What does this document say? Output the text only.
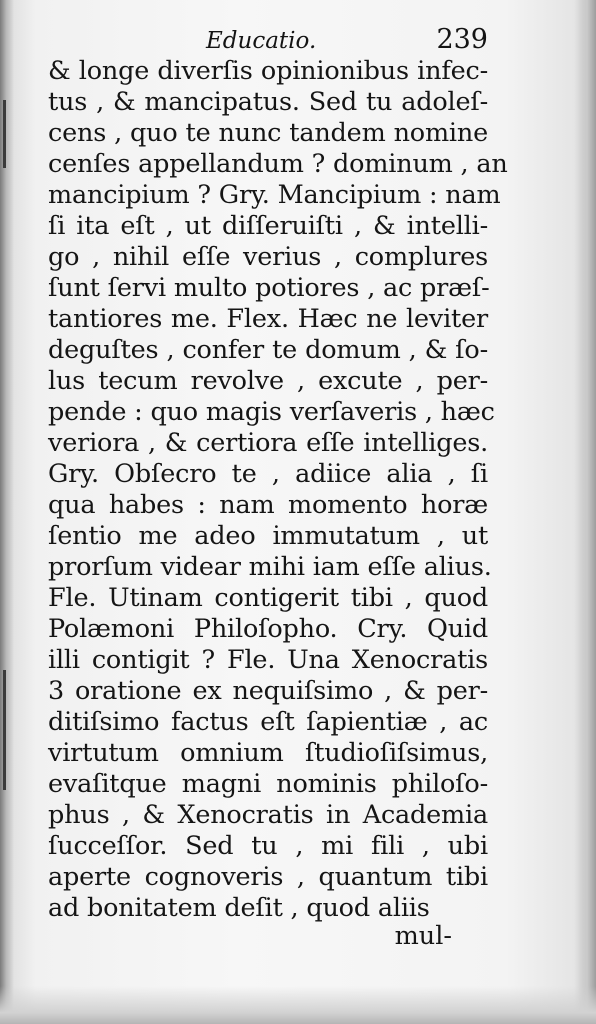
Educatio.	239
& longe diverſis opinionibus infec-
tus , & mancipatus. Sed tu adoleſ-
cens , quo te nunc tandem nomine
cenſes appellandum ? dominum , an
mancipium ? Gry. Mancipium : nam
ſi ita eſt , ut diſſeruiſti , & intelli-
go , nihil eſſe verius , complures
ſunt ſervi multo potiores , ac præſ-
tantiores me. Flex. Hæc ne leviter
deguſtes , confer te domum , & ſo-
lus tecum revolve , excute , per-
pende : quo magis verſaveris , hæc
veriora , & certiora eſſe intelliges.
Gry. Obſecro te , adiice alia , ſi
qua habes : nam momento horæ
ſentio me adeo immutatum , ut
prorſum videar mihi iam eſſe alius.
Fle. Utinam contigerit tibi , quod
Polæmoni Philoſopho. Cry. Quid
illi contigit ? Fle. Una Xenocratis
3 oratione ex nequiſsimo , & per-
ditiſsimo factus eſt ſapientiæ , ac
virtutum omnium ſtudioſiſsimus,
evaſitque magni nominis philoſo-
phus , & Xenocratis in Academia
ſucceſſor. Sed tu , mi fili , ubi
aperte cognoveris , quantum tibi
ad bonitatem deſit , quod aliis
mul-
